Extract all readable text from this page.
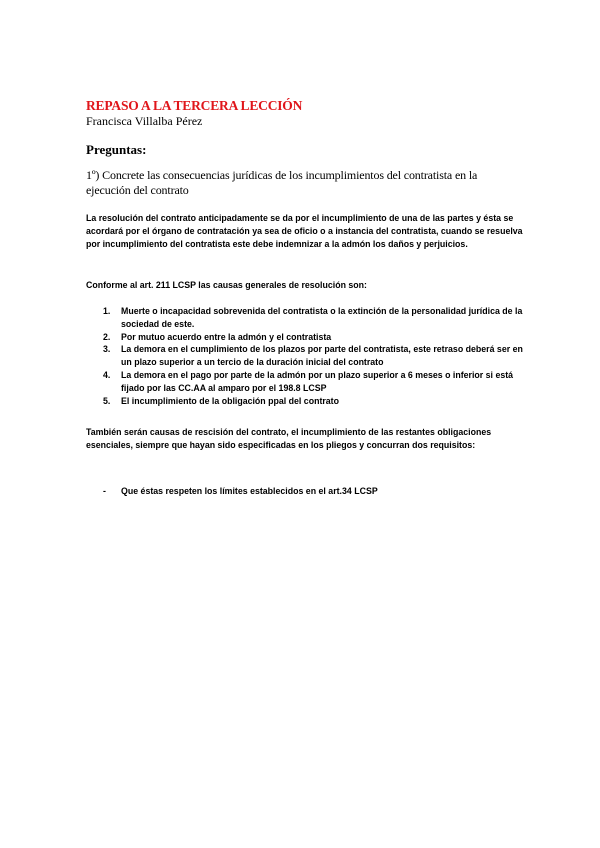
REPASO A LA TERCERA LECCIÓN
Francisca Villalba Pérez
Preguntas:
1º) Concrete las consecuencias jurídicas de los incumplimientos del contratista en la
ejecución del contrato
La resolución del contrato anticipadamente se da por el incumplimiento de una de las partes y ésta se acordará por el órgano de contratación ya sea de oficio o a instancia del contratista, cuando se resuelva por incumplimiento del contratista este debe indemnizar a la admón los daños y perjuicios.
Conforme al art. 211 LCSP las causas generales de resolución son:
1. Muerte o incapacidad sobrevenida del contratista o la extinción de la personalidad jurídica de la sociedad de este.
2. Por mutuo acuerdo entre la admón y el contratista
3. La demora en el cumplimiento de los plazos por parte del contratista, este retraso deberá ser en un plazo superior a un tercio de la duración inicial del contrato
4. La demora en el pago por parte de la admón por un plazo superior a 6 meses o inferior si está fijado por las CC.AA al amparo por el 198.8 LCSP
5. El incumplimiento de la obligación ppal del contrato
También serán causas de rescisión del contrato, el incumplimiento de las restantes obligaciones esenciales, siempre que hayan sido especificadas en los pliegos y concurran dos requisitos:
- Que éstas respeten los límites establecidos en el art.34 LCSP
